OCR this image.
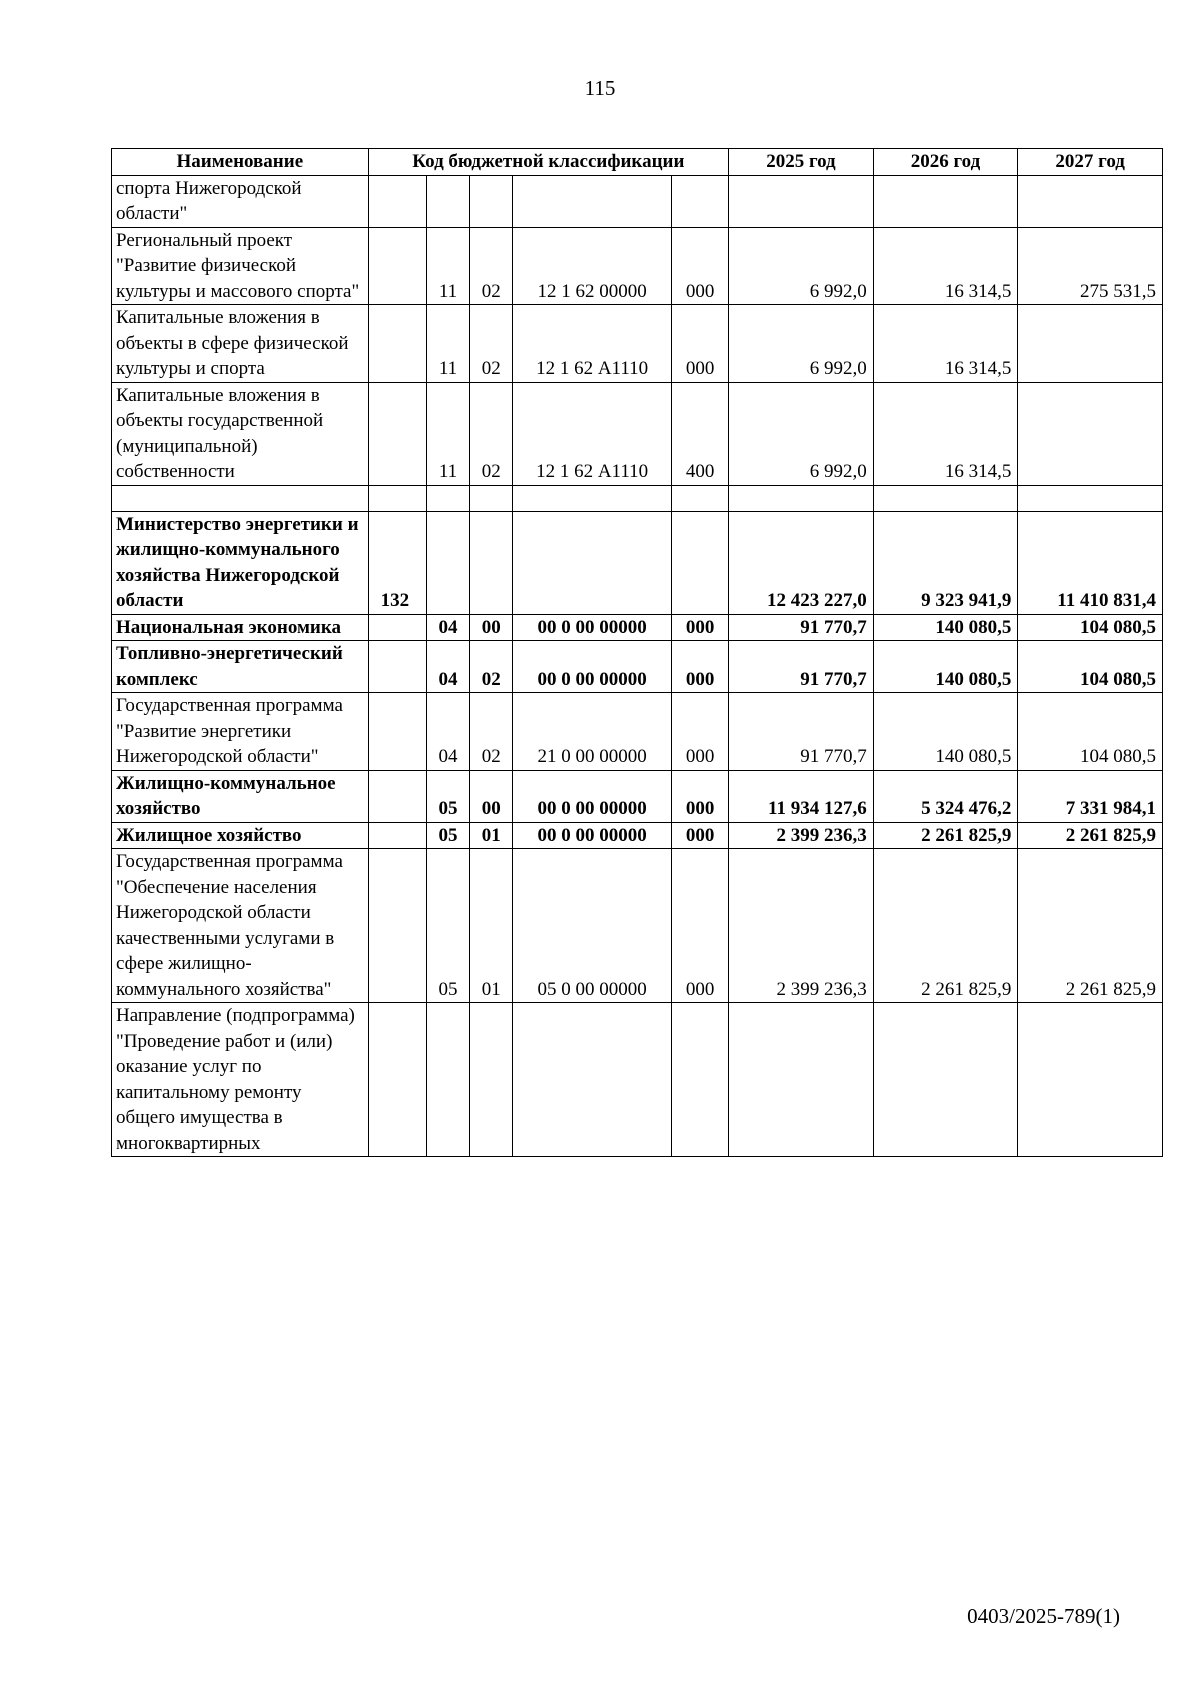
115
Наименование	Код бюджетной классификации					2025 год	2026 год	2027 год
спорта Нижегородской области"								
Региональный проект "Развитие физической культуры и массового спорта"		11	02	12 1 62 00000	000	6 992,0	16 314,5	275 531,5
Капитальные вложения в объекты в сфере физической культуры и спорта		11	02	12 1 62 А1110	000	6 992,0	16 314,5	
Капитальные вложения в объекты государственной (муниципальной) собственности		11	02	12 1 62 А1110	400	6 992,0	16 314,5	

Министерство энергетики и жилищно-коммунального хозяйства Нижегородской области	132					12 423 227,0	9 323 941,9	11 410 831,4
Национальная экономика		04	00	00 0 00 00000	000	91 770,7	140 080,5	104 080,5
Топливно-энергетический комплекс		04	02	00 0 00 00000	000	91 770,7	140 080,5	104 080,5
Государственная программа "Развитие энергетики Нижегородской области"		04	02	21 0 00 00000	000	91 770,7	140 080,5	104 080,5
Жилищно-коммунальное хозяйство		05	00	00 0 00 00000	000	11 934 127,6	5 324 476,2	7 331 984,1
Жилищное хозяйство		05	01	00 0 00 00000	000	2 399 236,3	2 261 825,9	2 261 825,9
Государственная программа "Обеспечение населения Нижегородской области качественными услугами в сфере жилищно-коммунального хозяйства"		05	01	05 0 00 00000	000	2 399 236,3	2 261 825,9	2 261 825,9
Направление (подпрограмма) "Проведение работ и (или) оказание услуг по капитальному ремонту общего имущества в многоквартирных								
0403/2025-789(1)
